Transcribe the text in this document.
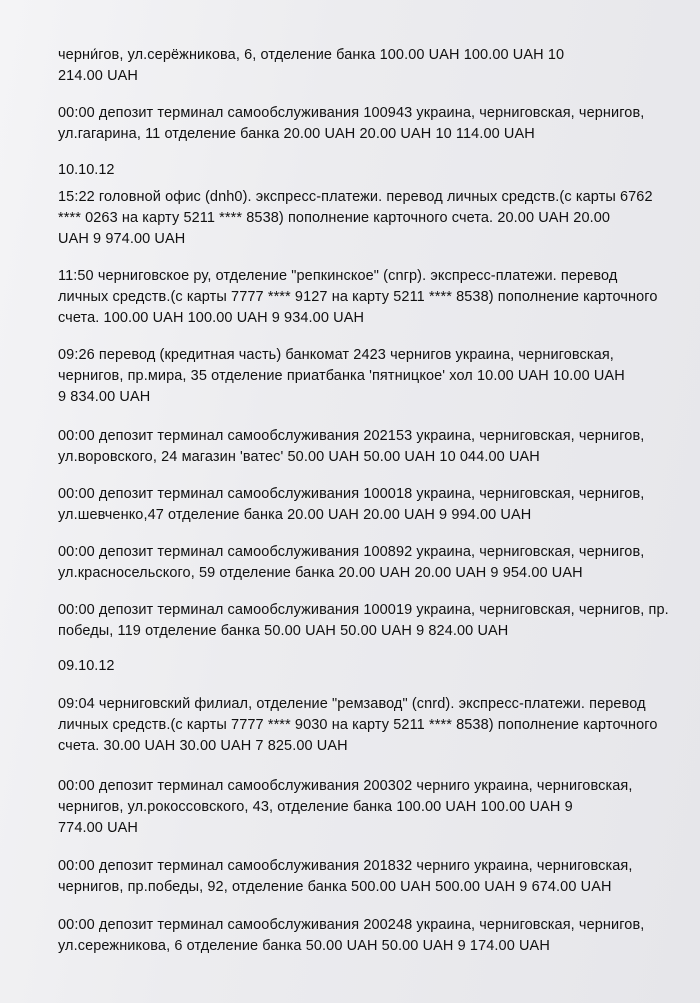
черни́гов, ул.серёжникова, 6, отделение банка 100.00 UAH 100.00 UAH 10
214.00 UAH
00:00 депозит терминал самообслуживания 100943 украина, черниговская, чернигов,
ул.гагарина, 11 отделение банка 20.00 UAH 20.00 UAH 10 114.00 UAH
10.10.12
15:22 головной офис (dnh0). экспресс-платежи. перевод личных средств.(с карты 6762
**** 0263 на карту 5211 **** 8538) пополнение карточного счета. 20.00 UAH 20.00
UAH 9 974.00 UAH
11:50 черниговское ру, отделение "репкинское" (cnгр). экспресс-платежи. перевод
личных средств.(с карты 7777 **** 9127 на карту 5211 **** 8538) пополнение карточного
счета. 100.00 UAH 100.00 UAH 9 934.00 UAH
09:26 перевод (кредитная часть) банкомат 2423 чернигов украина, черниговская,
чернигов, пр.мира, 35 отделение приатбанка 'пятницкое' хол 10.00 UAH 10.00 UAH
9 834.00 UAH
00:00 депозит терминал самообслуживания 202153 украина, черниговская, чернигов,
ул.воровского, 24 магазин 'ватес' 50.00 UAH 50.00 UAH 10 044.00 UAH
00:00 депозит терминал самообслуживания 100018 украина, черниговская, чернигов,
ул.шевченко,47 отделение банка 20.00 UAH 20.00 UAH 9 994.00 UAH
00:00 депозит терминал самообслуживания 100892 украина, черниговская, чернигов,
ул.красносельского, 59 отделение банка 20.00 UAH 20.00 UAH 9 954.00 UAH
00:00 депозит терминал самообслуживания 100019 украина, черниговская, чернигов, пр.
победы, 119 отделение банка 50.00 UAH 50.00 UAH 9 824.00 UAH
09.10.12
09:04 черниговский филиал, отделение "ремзавод" (cnrd). экспресс-платежи. перевод
личных средств.(с карты 7777 **** 9030 на карту 5211 **** 8538) пополнение карточного
счета. 30.00 UAH 30.00 UAH 7 825.00 UAH
00:00 депозит терминал самообслуживания 200302 черниго украина, черниговская,
чернигов, ул.рокоссовского, 43, отделение банка 100.00 UAH 100.00 UAH 9
774.00 UAH
00:00 депозит терминал самообслуживания 201832 черниго украина, черниговская,
чернигов, пр.победы, 92, отделение банка 500.00 UAH 500.00 UAH 9 674.00 UAH
00:00 депозит терминал самообслуживания 200248 украина, черниговская, чернигов,
ул.сережникова, 6 отделение банка 50.00 UAH 50.00 UAH 9 174.00 UAH
